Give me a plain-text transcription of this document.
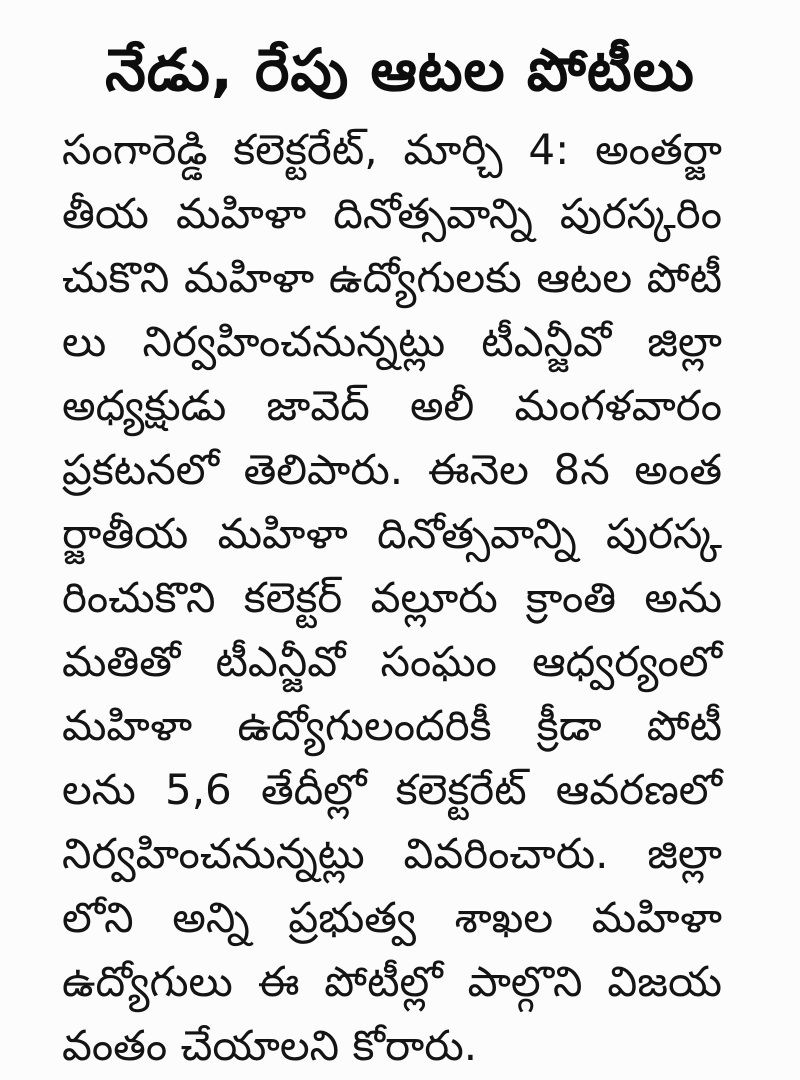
నేడు, రేపు ఆటల పోటీలు
సంగారెడ్డి కలెక్టరేట్, మార్చి 4: అంతర్జా
తీయ మహిళా దినోత్సవాన్ని పురస్కరిం
చుకొని మహిళా ఉద్యోగులకు ఆటల పోటీ
లు నిర్వహించనున్నట్లు టీఎన్జీవో జిల్లా
అధ్యక్షుడు జావెద్ అలీ మంగళవారం
ప్రకటనలో తెలిపారు. ఈనెల 8న అంత
ర్జాతీయ మహిళా దినోత్సవాన్ని పురస్క
రించుకొని కలెక్టర్ వల్లూరు క్రాంతి అను
మతితో టీఎన్జీవో సంఘం ఆధ్వర్యంలో
మహిళా ఉద్యోగులందరికీ క్రీడా పోటీ
లను 5,6 తేదీల్లో కలెక్టరేట్ ఆవరణలో
నిర్వహించనున్నట్లు వివరించారు. జిల్లా
లోని అన్ని ప్రభుత్వ శాఖల మహిళా
ఉద్యోగులు ఈ పోటీల్లో పాల్గొని విజయ
వంతం చేయాలని కోరారు.
